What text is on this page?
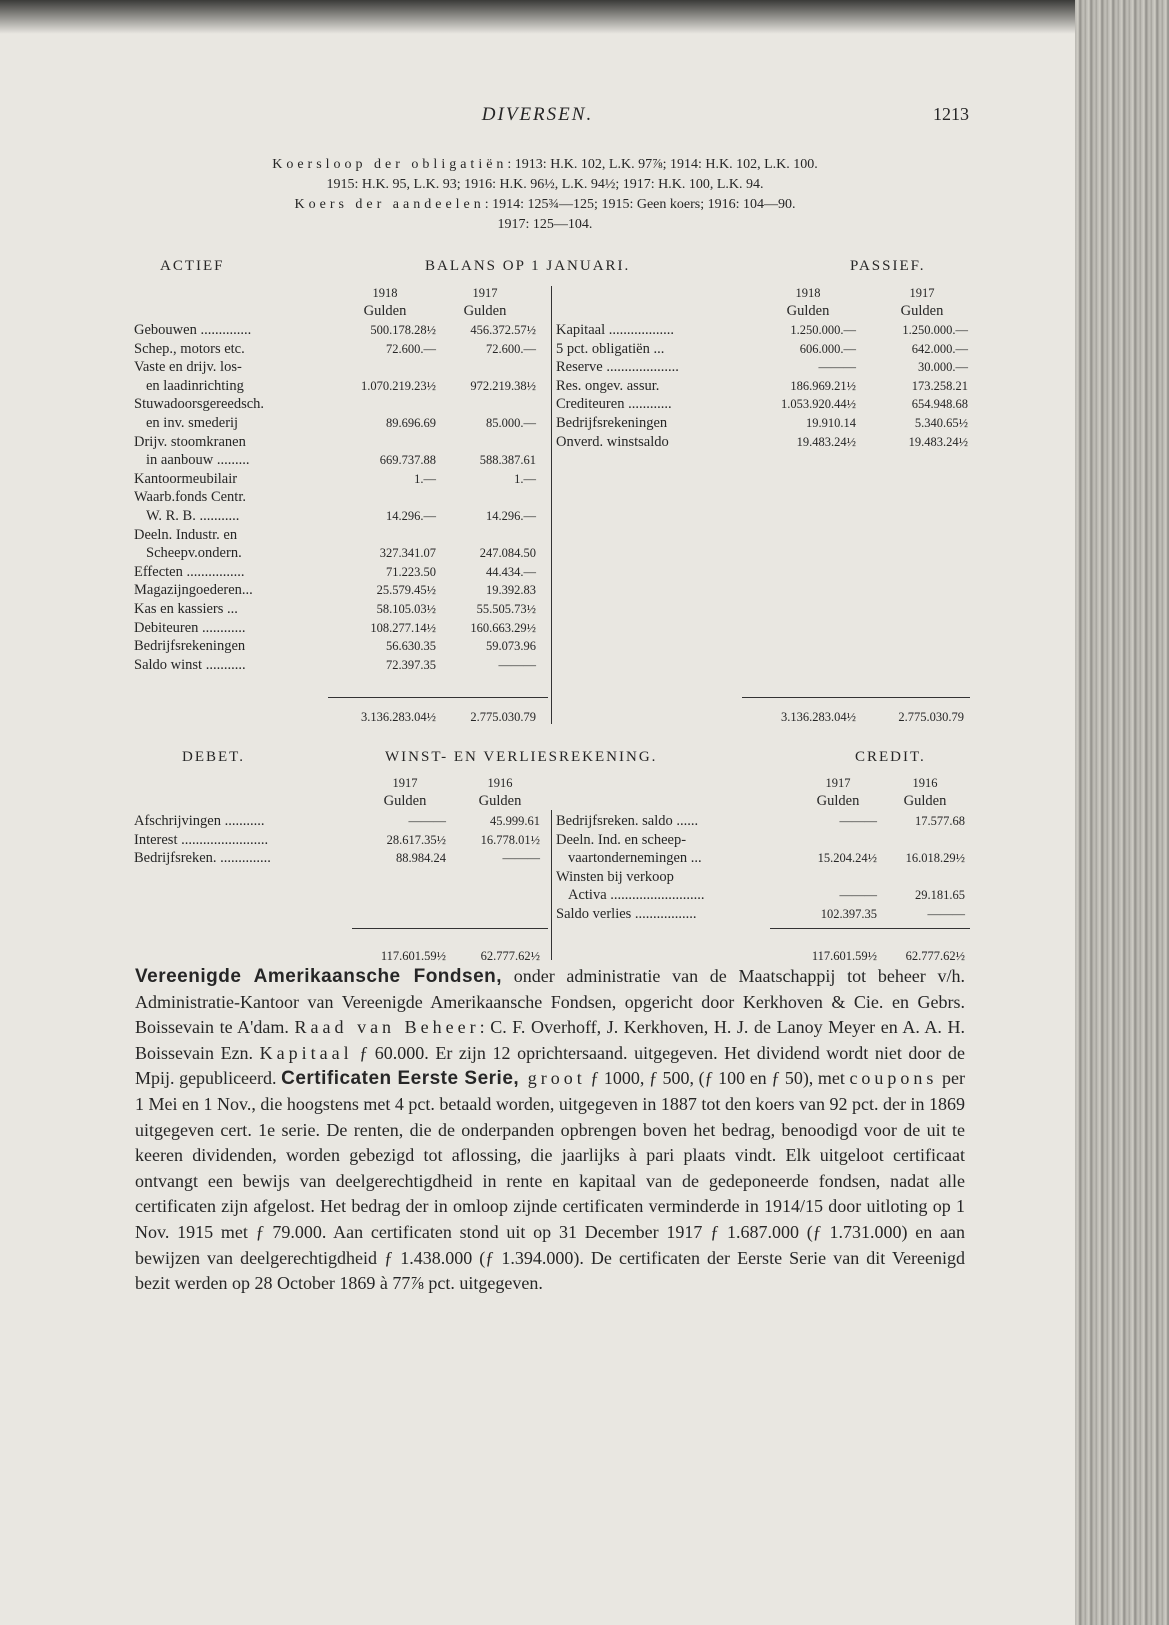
DIVERSEN.	1213
Koersloop der obligatiën: 1913: H.K. 102, L.K. 97⅞; 1914: H.K. 102, L.K. 100.
1915: H.K. 95, L.K. 93; 1916: H.K. 96½, L.K. 94½; 1917: H.K. 100, L.K. 94.
Koers der aandeelen: 1914: 125¾—125; 1915: Geen koers; 1916: 104—90.
1917: 125—104.
ACTIEF	BALANS OP 1 JANUARI.	PASSIEF.
1918	1917
Gulden	Gulden
1918	1917
Gulden	Gulden
Gebouwen ..............	500.178.28½	456.372.57½
Schep., motors etc.	72.600.—	72.600.—
Vaste en drijv. los-
en laadinrichting	1.070.219.23½	972.219.38½
Stuwadoorsgereedsch.
en inv. smederij	89.696.69	85.000.—
Drijv. stoomkranen
in aanbouw .........	669.737.88	588.387.61
Kantoormeubilair	1.—	1.—
Waarb.fonds Centr.
W. R. B. ...........	14.296.—	14.296.—
Deeln. Industr. en
Scheepv.ondern.	327.341.07	247.084.50
Effecten ................	71.223.50	44.434.—
Magazijngoederen...	25.579.45½	19.392.83
Kas en kassiers ...	58.105.03½	55.505.73½
Debiteuren ............	108.277.14½	160.663.29½
Bedrijfsrekeningen	56.630.35	59.073.96
Saldo winst ...........	72.397.35	———
Kapitaal ..................	1.250.000.—	1.250.000.—
5 pct. obligatiën ...	606.000.—	642.000.—
Reserve ....................	———	30.000.—
Res. ongev. assur.	186.969.21½	173.258.21
Crediteuren ............	1.053.920.44½	654.948.68
Bedrijfsrekeningen	19.910.14	5.340.65½
Onverd. winstsaldo	19.483.24½	19.483.24½
3.136.283.04½	2.775.030.79	3.136.283.04½	2.775.030.79
DEBET.	WINST- EN VERLIESREKENING.	CREDIT.
1917	1916
Gulden	Gulden
1917	1916
Gulden	Gulden
Afschrijvingen ...........	———	45.999.61
Interest ........................	28.617.35½	16.778.01½
Bedrijfsreken. ..............	88.984.24	———
Bedrijfsreken. saldo ......	———	17.577.68
Deeln. Ind. en scheep-
vaartondernemingen ...	15.204.24½	16.018.29½
Winsten bij verkoop
Activa ..........................	———	29.181.65
Saldo verlies .................	102.397.35	———
117.601.59½	62.777.62½	117.601.59½	62.777.62½
Vereenigde Amerikaansche Fondsen, onder administratie van de Maatschappij tot beheer v/h. Administratie-Kantoor van Vereenigde Amerikaansche Fondsen, opgericht door Kerkhoven & Cie. en Gebrs. Boissevain te A'dam. Raad van Beheer: C. F. Overhoff, J. Kerkhoven, H. J. de Lanoy Meyer en A. A. H. Boissevain Ezn. Kapitaal ƒ 60.000. Er zijn 12 oprichtersaand. uitgegeven. Het dividend wordt niet door de Mpij. gepubliceerd. Certificaten Eerste Serie, groot ƒ 1000, ƒ 500, (ƒ 100 en ƒ 50), met coupons per 1 Mei en 1 Nov., die hoogstens met 4 pct. betaald worden, uitgegeven in 1887 tot den koers van 92 pct. der in 1869 uitgegeven cert. 1e serie. De renten, die de onderpanden opbrengen boven het bedrag, benoodigd voor de uit te keeren dividenden, worden gebezigd tot aflossing, die jaarlijks à pari plaats vindt. Elk uitgeloot certificaat ontvangt een bewijs van deelgerechtigdheid in rente en kapitaal van de gedeponeerde fondsen, nadat alle certificaten zijn afgelost. Het bedrag der in omloop zijnde certificaten verminderde in 1914/15 door uitloting op 1 Nov. 1915 met ƒ 79.000. Aan certificaten stond uit op 31 December 1917 ƒ 1.687.000 (ƒ 1.731.000) en aan bewijzen van deelgerechtigdheid ƒ 1.438.000 (ƒ 1.394.000). De certificaten der Eerste Serie van dit Vereenigd bezit werden op 28 October 1869 à 77⅞ pct. uitgegeven.
